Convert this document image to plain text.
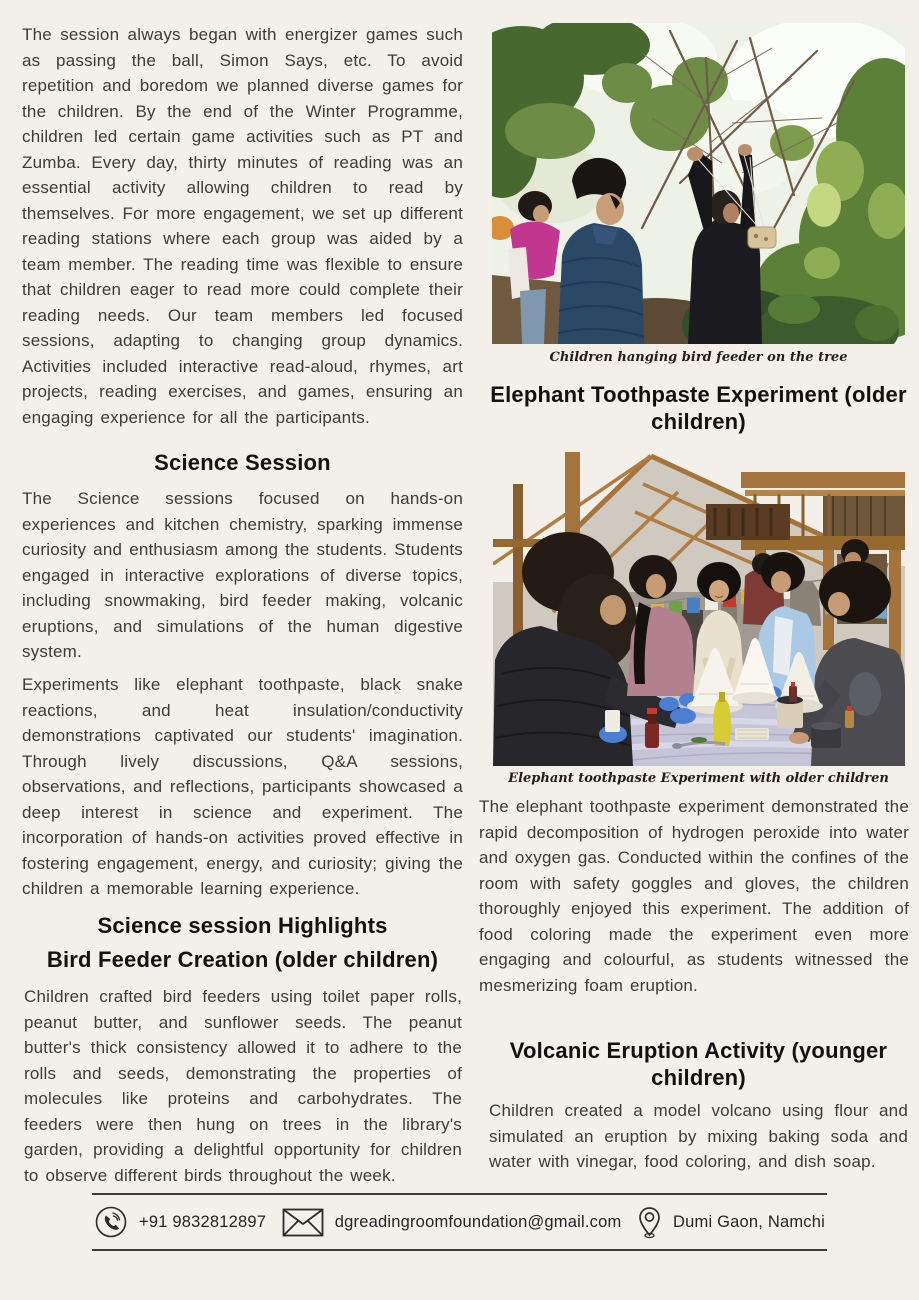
The session always began with energizer games such as passing the ball, Simon Says, etc. To avoid repetition and boredom we planned diverse games for the children. By the end of the Winter Programme, children led certain game activities such as PT and Zumba. Every day, thirty minutes of reading was an essential activity allowing children to read by themselves. For more engagement, we set up different reading stations where each group was aided by a team member. The reading time was flexible to ensure that children eager to read more could complete their reading needs. Our team members led focused sessions, adapting to changing group dynamics. Activities included interactive read-aloud, rhymes, art projects, reading exercises, and games, ensuring an engaging experience for all the participants.

Science Session

The Science sessions focused on hands-on experiences and kitchen chemistry, sparking immense curiosity and enthusiasm among the students. Students engaged in interactive explorations of diverse topics, including snowmaking, bird feeder making, volcanic eruptions, and simulations of the human digestive system.

Experiments like elephant toothpaste, black snake reactions, and heat insulation/conductivity demonstrations captivated our students' imagination. Through lively discussions, Q&A sessions, observations, and reflections, participants showcased a deep interest in science and experiment. The incorporation of hands-on activities proved effective in fostering engagement, energy, and curiosity; giving the children a memorable learning experience.

Science session Highlights
Bird Feeder Creation (older children)

Children crafted bird feeders using toilet paper rolls, peanut butter, and sunflower seeds. The peanut butter's thick consistency allowed it to adhere to the rolls and seeds, demonstrating the properties of molecules like proteins and carbohydrates. The feeders were then hung on trees in the library's garden, providing a delightful opportunity for children to observe different birds throughout the week.

Children hanging bird feeder on the tree

Elephant Toothpaste Experiment (older children)

Elephant toothpaste Experiment with older children

The elephant toothpaste experiment demonstrated the rapid decomposition of hydrogen peroxide into water and oxygen gas. Conducted within the confines of the room with safety goggles and gloves, the children thoroughly enjoyed this experiment. The addition of food coloring made the experiment even more engaging and colourful, as students witnessed the mesmerizing foam eruption.

Volcanic Eruption Activity (younger children)

Children created a model volcano using flour and simulated an eruption by mixing baking soda and water with vinegar, food coloring, and dish soap.

+91 9832812897	dgreadingroomfoundation@gmail.com	Dumi Gaon, Namchi
